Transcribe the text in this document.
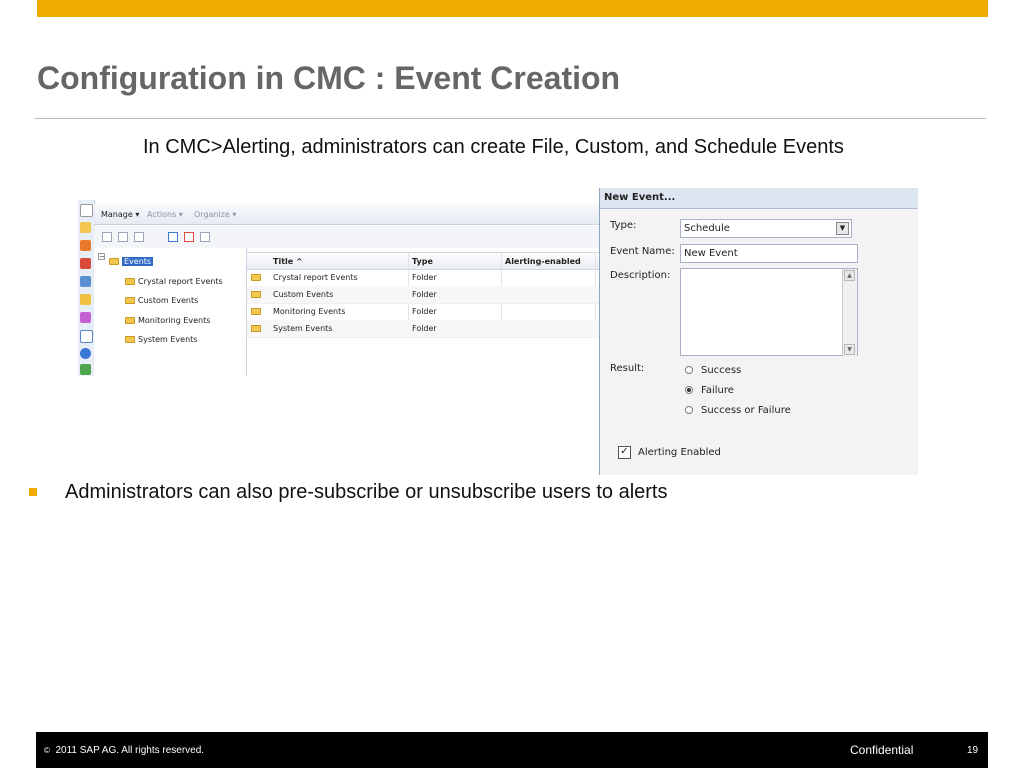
Configuration in CMC : Event Creation
In CMC>Alerting, administrators can create File, Custom, and Schedule Events
Manage ▾ Actions ▾ Organize ▾
−	Events
Crystal report Events
Custom Events
Monitoring Events
System Events
Title ^	Type	Alerting-enabled
Crystal report Events	Folder
Custom Events	Folder
Monitoring Events	Folder
System Events	Folder
New Event...
Type:	Schedule	▼
Event Name: New Event
Description:	▲
▼
Result:	Success
Failure
Success or Failure
✓ Alerting Enabled
Administrators can also pre-subscribe or unsubscribe users to alerts
© 2011 SAP AG. All rights reserved.	Confidential	19
